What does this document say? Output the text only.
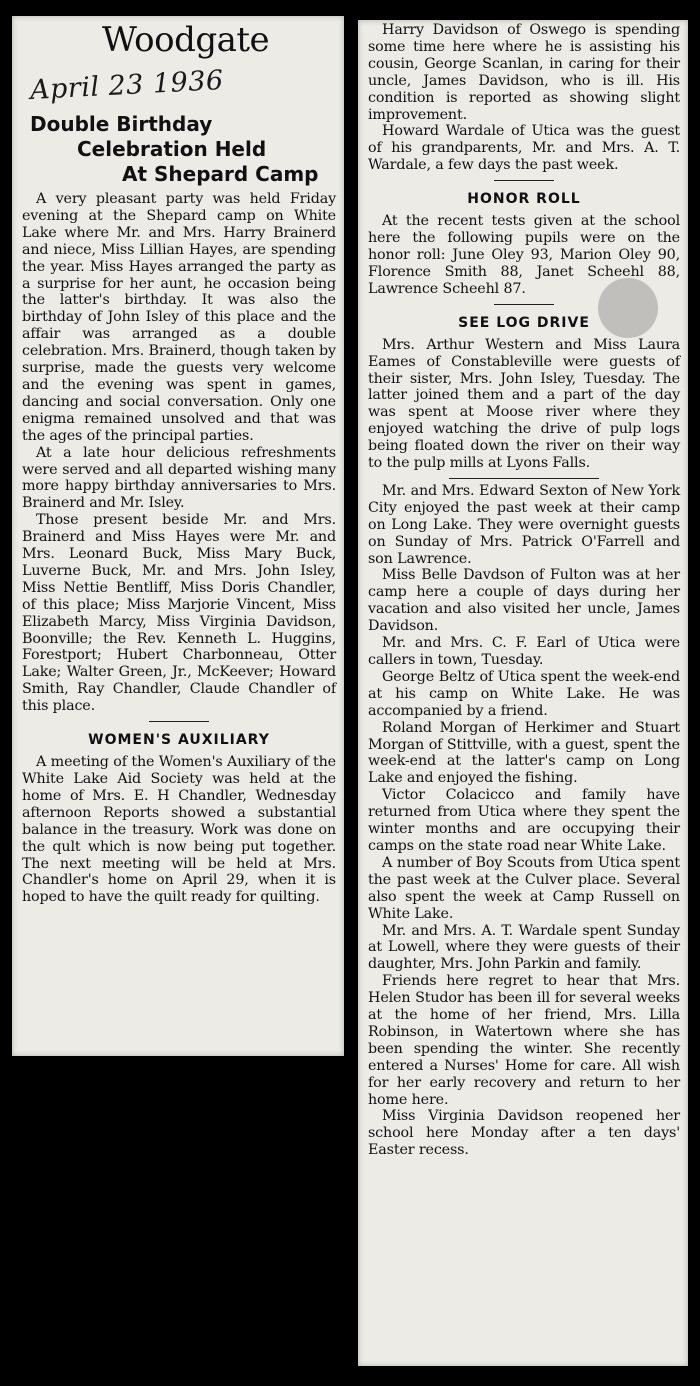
Woodgate
April 23 1936
Double Birthday
Celebration Held
At Shepard Camp

A very pleasant party was held Friday evening at the Shepard camp on White Lake where Mr. and Mrs. Harry Brainerd and niece, Miss Lillian Hayes, are spending the year. Miss Hayes arranged the party as a surprise for her aunt, he occasion being the latter's birthday. It was also the birthday of John Isley of this place and the affair was arranged as a double celebration. Mrs. Brainerd, though taken by surprise, made the guests very welcome and the evening was spent in games, dancing and social conversation. Only one enigma remained unsolved and that was the ages of the principal parties.

At a late hour delicious refreshments were served and all departed wishing many more happy birthday anniversaries to Mrs. Brainerd and Mr. Isley.

Those present beside Mr. and Mrs. Brainerd and Miss Hayes were Mr. and Mrs. Leonard Buck, Miss Mary Buck, Luverne Buck, Mr. and Mrs. John Isley, Miss Nettie Bentliff, Miss Doris Chandler, of this place; Miss Marjorie Vincent, Miss Elizabeth Marcy, Miss Virginia Davidson, Boonville; the Rev. Kenneth L. Huggins, Forestport; Hubert Charbonneau, Otter Lake; Walter Green, Jr., McKeever; Howard Smith, Ray Chandler, Claude Chandler of this place.

WOMEN'S AUXILIARY

A meeting of the Women's Auxiliary of the White Lake Aid Society was held at the home of Mrs. E. H Chandler, Wednesday afternoon Reports showed a substantial balance in the treasury. Work was done on the qult which is now being put together. The next meeting will be held at Mrs. Chandler's home on April 29, when it is hoped to have the quilt ready for quilting.

Harry Davidson of Oswego is spending some time here where he is assisting his cousin, George Scanlan, in caring for their uncle, James Davidson, who is ill. His condition is reported as showing slight improvement.

Howard Wardale of Utica was the guest of his grandparents, Mr. and Mrs. A. T. Wardale, a few days the past week.

HONOR ROLL

At the recent tests given at the school here the following pupils were on the honor roll: June Oley 93, Marion Oley 90, Florence Smith 88, Janet Scheehl 88, Lawrence Scheehl 87.

SEE LOG DRIVE

Mrs. Arthur Western and Miss Laura Eames of Constableville were guests of their sister, Mrs. John Isley, Tuesday. The latter joined them and a part of the day was spent at Moose river where they enjoyed watching the drive of pulp logs being floated down the river on their way to the pulp mills at Lyons Falls.

Mr. and Mrs. Edward Sexton of New York City enjoyed the past week at their camp on Long Lake. They were overnight guests on Sunday of Mrs. Patrick O'Farrell and son Lawrence.

Miss Belle Davdson of Fulton was at her camp here a couple of days during her vacation and also visited her uncle, James Davidson.

Mr. and Mrs. C. F. Earl of Utica were callers in town, Tuesday.

George Beltz of Utica spent the week-end at his camp on White Lake. He was accompanied by a friend.

Roland Morgan of Herkimer and Stuart Morgan of Stittville, with a guest, spent the week-end at the latter's camp on Long Lake and enjoyed the fishing.

Victor Colacicco and family have returned from Utica where they spent the winter months and are occupying their camps on the state road near White Lake.

A number of Boy Scouts from Utica spent the past week at the Culver place. Several also spent the week at Camp Russell on White Lake.

Mr. and Mrs. A. T. Wardale spent Sunday at Lowell, where they were guests of their daughter, Mrs. John Parkin and family.

Friends here regret to hear that Mrs. Helen Studor has been ill for several weeks at the home of her friend, Mrs. Lilla Robinson, in Watertown where she has been spending the winter. She recently entered a Nurses' Home for care. All wish for her early recovery and return to her home here.

Miss Virginia Davidson reopened her school here Monday after a ten days' Easter recess.
